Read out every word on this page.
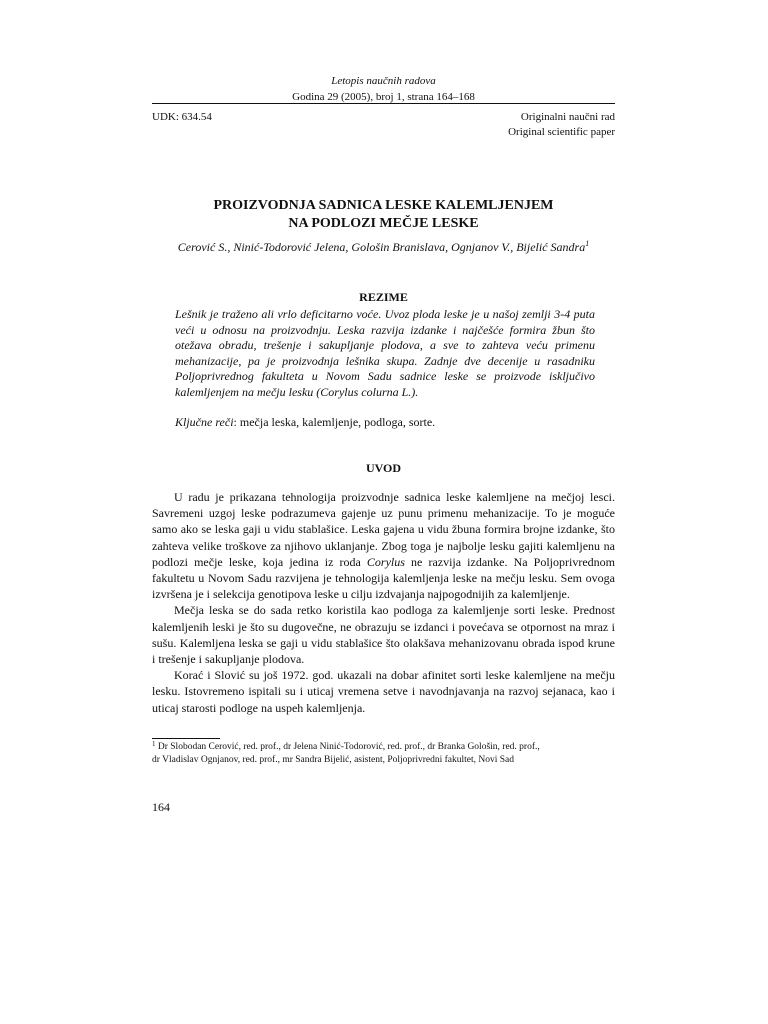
Letopis naučnih radova
Godina 29 (2005), broj 1, strana 164–168
UDK: 634.54	Originalni naučni rad
Original scientific paper
PROIZVODNJA SADNICA LESKE KALEMLJENJEM
NA PODLOZI MEČJE LESKE
Cerović S., Ninić-Todorović Jelena, Gološin Branislava, Ognjanov V., Bijelić Sandra$^1$
REZIME
Lešnik je traženo ali vrlo deficitarno voće. Uvoz ploda leske je u našoj zemlji 3-4 puta veći u odnosu na proizvodnju. Leska razvija izdanke i najčešće formira žbun što otežava obradu, trešenje i sakupljanje plodova, a sve to zahteva veću primenu mehanizacije, pa je proizvodnja lešnika skupa. Zadnje dve decenije u rasadniku Poljoprivrednog fakulteta u Novom Sadu sadnice leske se proizvode isključivo kalemljenjem na mečju lesku (Corylus colurna L.).
Ključne reči: mečja leska, kalemljenje, podloga, sorte.
UVOD

U radu je prikazana tehnologija proizvodnje sadnica leske kalemljene na mečjoj lesci. Savremeni uzgoj leske podrazumeva gajenje uz punu primenu mehanizacije. To je moguće samo ako se leska gaji u vidu stablašice. Leska gajena u vidu žbuna formira brojne izdanke, što zahteva velike troškove za njihovo uklanjanje. Zbog toga je najbolje lesku gajiti kalemljenu na podlozi mečje leske, koja jedina iz roda Corylus ne razvija izdanke. Na Poljoprivrednom fakultetu u Novom Sadu razvijena je tehnologija kalemljenja leske na mečju lesku. Sem ovoga izvršena je i selekcija genotipova leske u cilju izdvajanja najpogodnijih za kalemljenje.

Mečja leska se do sada retko koristila kao podloga za kalemljenje sorti leske. Prednost kalemljenih leski je što su dugovečne, ne obrazuju se izdanci i povećava se otpornost na mraz i sušu. Kalemljena leska se gaji u vidu stablašice što olakšava mehanizovanu obrada ispod krune i trešenje i sakupljanje plodova.

Korać i Slović su još 1972. god. ukazali na dobar afinitet sorti leske kalemljene na mečju lesku. Istovremeno ispitali su i uticaj vremena setve i navodnjavanja na razvoj sejanaca, kao i uticaj starosti podloge na uspeh kalemljenja.

$^1$ Dr Slobodan Cerović, red. prof., dr Jelena Ninić-Todorović, red. prof., dr Branka Gološin, red. prof.,
dr Vladislav Ognjanov, red. prof., mr Sandra Bijelić, asistent, Poljoprivredni fakultet, Novi Sad
164
